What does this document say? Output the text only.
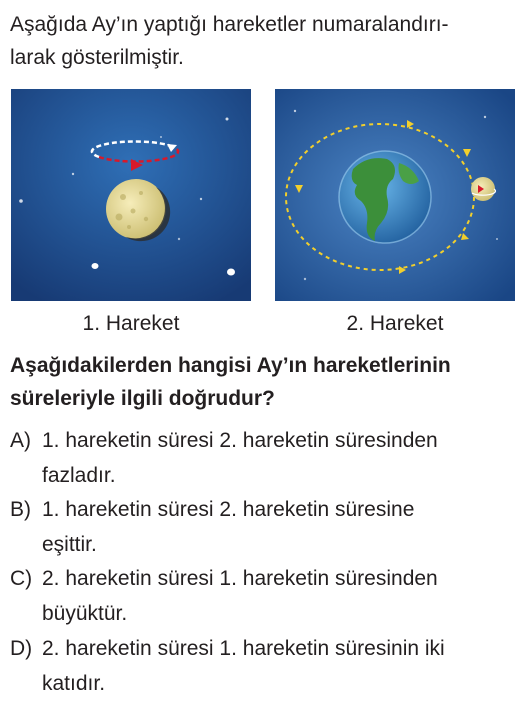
Aşağıda Ay’ın yaptığı hareketler numaralandırı-
larak gösterilmiştir.
1. Hareket	2. Hareket
Aşağıdakilerden hangisi Ay’ın hareketlerinin
süreleriyle ilgili doğrudur?
A) 1. hareketin süresi 2. hareketin süresinden
fazladır.
B) 1. hareketin süresi 2. hareketin süresine
eşittir.
C) 2. hareketin süresi 1. hareketin süresinden
büyüktür.
D) 2. hareketin süresi 1. hareketin süresinin iki
katıdır.
